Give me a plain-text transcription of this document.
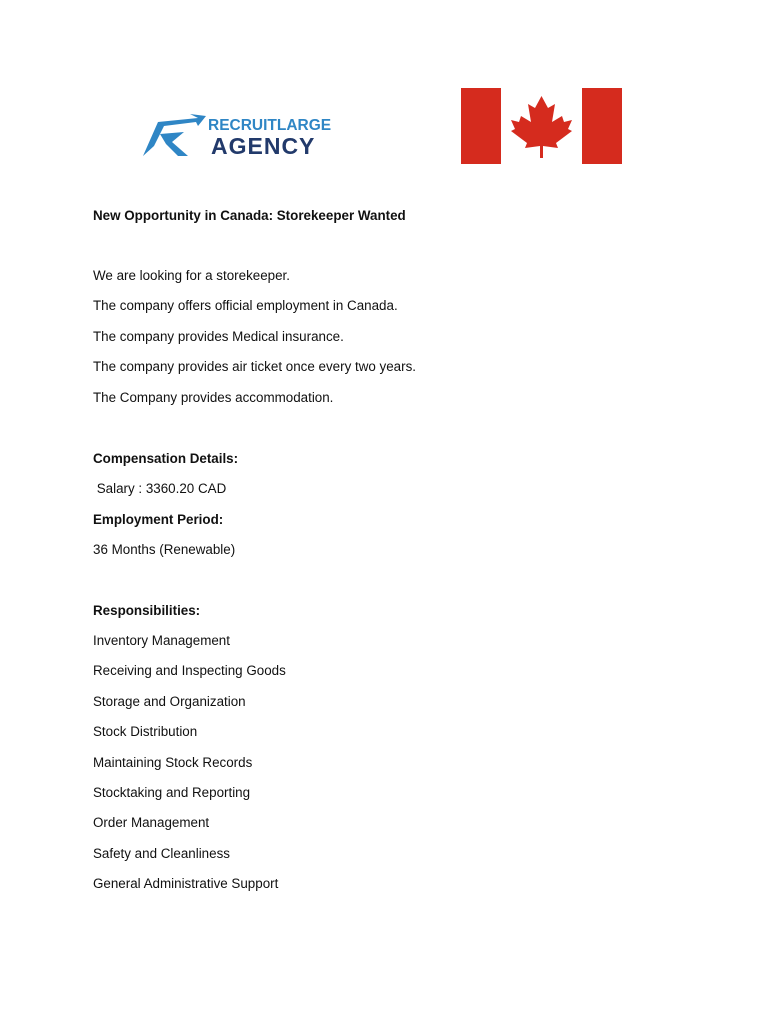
RECRUITLARGE
AGENCY

New Opportunity in Canada: Storekeeper Wanted

We are looking for a storekeeper.

The company offers official employment in Canada.

The company provides Medical insurance.

The company provides air ticket once every two years.

The Company provides accommodation.

Compensation Details:

Salary : 3360.20 CAD

Employment Period:

36 Months (Renewable)

Responsibilities:

Inventory Management

Receiving and Inspecting Goods

Storage and Organization

Stock Distribution

Maintaining Stock Records

Stocktaking and Reporting

Order Management

Safety and Cleanliness

General Administrative Support
